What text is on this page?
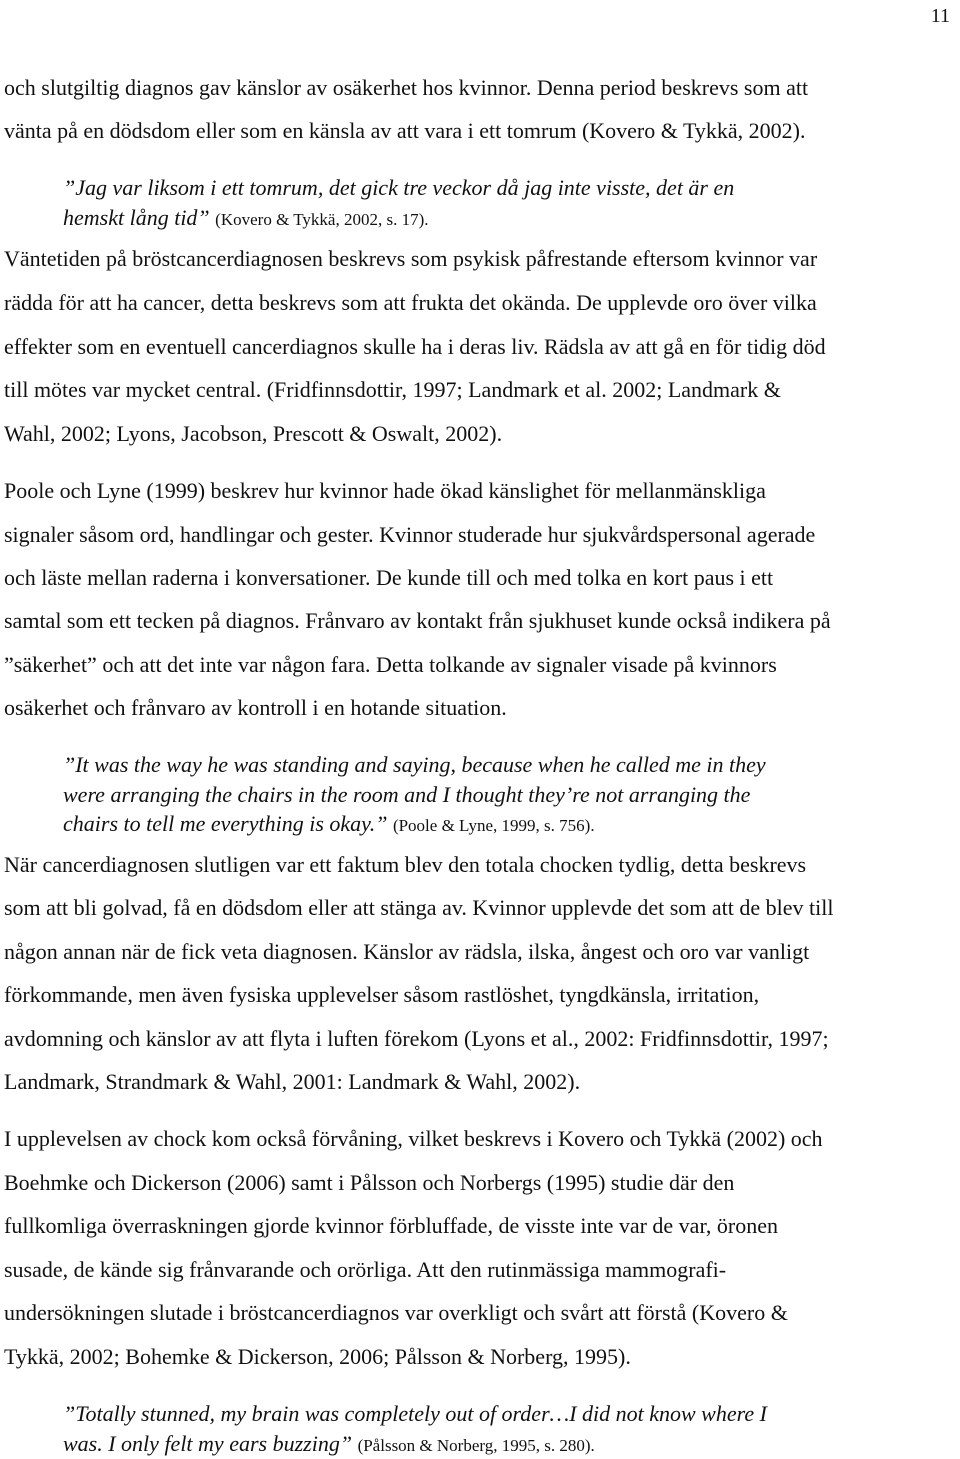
11
och slutgiltig diagnos gav känslor av osäkerhet hos kvinnor. Denna period beskrevs som att
vänta på en dödsdom eller som en känsla av att vara i ett tomrum (Kovero & Tykkä, 2002).
”Jag var liksom i ett tomrum, det gick tre veckor då jag inte visste, det är en
hemskt lång tid” (Kovero & Tykkä, 2002, s. 17).
Väntetiden på bröstcancerdiagnosen beskrevs som psykisk påfrestande eftersom kvinnor var
rädda för att ha cancer, detta beskrevs som att frukta det okända. De upplevde oro över vilka
effekter som en eventuell cancerdiagnos skulle ha i deras liv. Rädsla av att gå en för tidig död
till mötes var mycket central. (Fridfinnsdottir, 1997; Landmark et al. 2002; Landmark &
Wahl, 2002; Lyons, Jacobson, Prescott & Oswalt, 2002).
Poole och Lyne (1999) beskrev hur kvinnor hade ökad känslighet för mellanmänskliga
signaler såsom ord, handlingar och gester. Kvinnor studerade hur sjukvårdspersonal agerade
och läste mellan raderna i konversationer. De kunde till och med tolka en kort paus i ett
samtal som ett tecken på diagnos. Frånvaro av kontakt från sjukhuset kunde också indikera på
”säkerhet” och att det inte var någon fara. Detta tolkande av signaler visade på kvinnors
osäkerhet och frånvaro av kontroll i en hotande situation.
”It was the way he was standing and saying, because when he called me in they
were arranging the chairs in the room and I thought they’re not arranging the
chairs to tell me everything is okay.” (Poole & Lyne, 1999, s. 756).
När cancerdiagnosen slutligen var ett faktum blev den totala chocken tydlig, detta beskrevs
som att bli golvad, få en dödsdom eller att stänga av. Kvinnor upplevde det som att de blev till
någon annan när de fick veta diagnosen. Känslor av rädsla, ilska, ångest och oro var vanligt
förkommande, men även fysiska upplevelser såsom rastlöshet, tyngdkänsla, irritation,
avdomning och känslor av att flyta i luften förekom (Lyons et al., 2002: Fridfinnsdottir, 1997;
Landmark, Strandmark & Wahl, 2001: Landmark & Wahl, 2002).
I upplevelsen av chock kom också förvåning, vilket beskrevs i Kovero och Tykkä (2002) och
Boehmke och Dickerson (2006) samt i Pålsson och Norbergs (1995) studie där den
fullkomliga överraskningen gjorde kvinnor förbluffade, de visste inte var de var, öronen
susade, de kände sig frånvarande och orörliga. Att den rutinmässiga mammografi-
undersökningen slutade i bröstcancerdiagnos var overkligt och svårt att förstå (Kovero &
Tykkä, 2002; Bohemke & Dickerson, 2006; Pålsson & Norberg, 1995).
”Totally stunned, my brain was completely out of order…I did not know where I
was. I only felt my ears buzzing” (Pålsson & Norberg, 1995, s. 280).
